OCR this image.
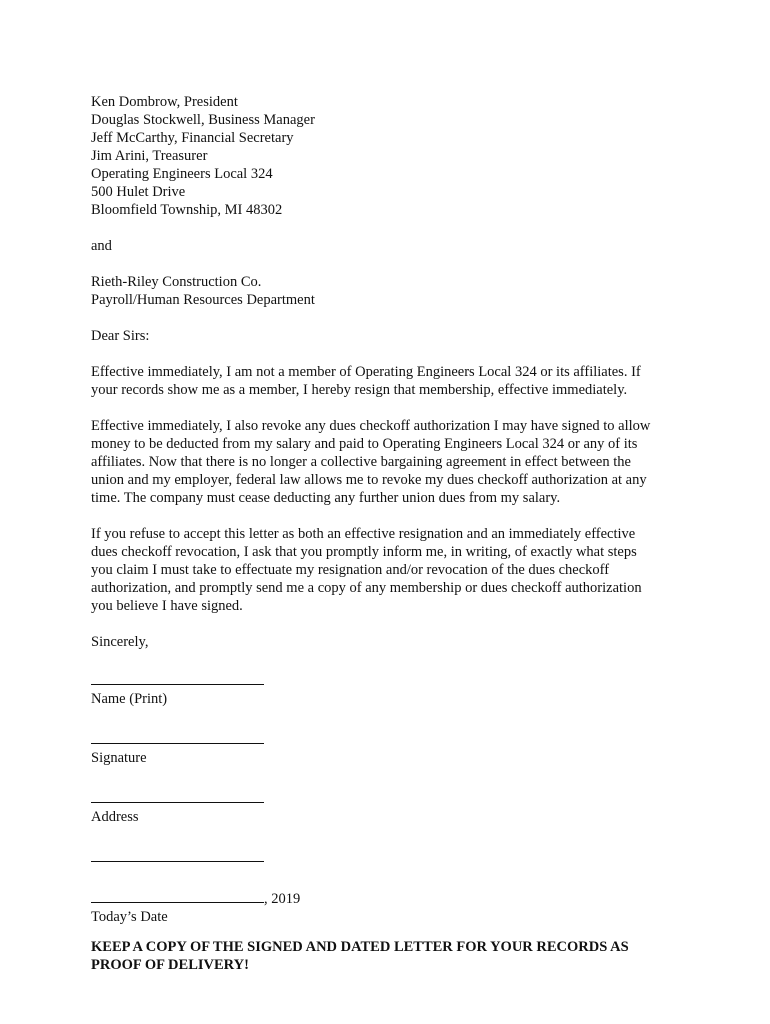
Ken Dombrow, President
Douglas Stockwell, Business Manager
Jeff McCarthy, Financial Secretary
Jim Arini, Treasurer
Operating Engineers Local 324
500 Hulet Drive
Bloomfield Township, MI 48302
and
Rieth-Riley Construction Co.
Payroll/Human Resources Department
Dear Sirs:
Effective immediately, I am not a member of Operating Engineers Local 324 or its affiliates. If
your records show me as a member, I hereby resign that membership, effective immediately.
Effective immediately, I also revoke any dues checkoff authorization I may have signed to allow
money to be deducted from my salary and paid to Operating Engineers Local 324 or any of its
affiliates. Now that there is no longer a collective bargaining agreement in effect between the
union and my employer, federal law allows me to revoke my dues checkoff authorization at any
time. The company must cease deducting any further union dues from my salary.
If you refuse to accept this letter as both an effective resignation and an immediately effective
dues checkoff revocation, I ask that you promptly inform me, in writing, of exactly what steps
you claim I must take to effectuate my resignation and/or revocation of the dues checkoff
authorization, and promptly send me a copy of any membership or dues checkoff authorization
you believe I have signed.
Sincerely,
Name (Print)
Signature
Address
, 2019
Today’s Date
KEEP A COPY OF THE SIGNED AND DATED LETTER FOR YOUR RECORDS AS
PROOF OF DELIVERY!
